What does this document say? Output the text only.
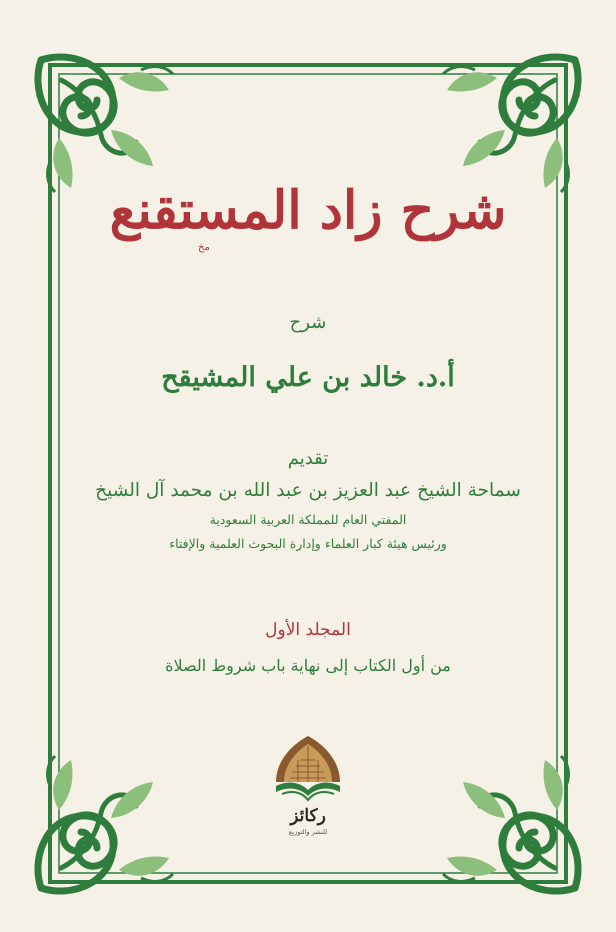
شرح زاد المستقنع
مخ
شرح
أ.د. خالد بن علي المشيقح
تقديم
سماحة الشيخ عبد العزيز بن عبد الله بن محمد آل الشيخ
المفتي العام للمملكة العربية السعودية
ورئيس هيئة كبار العلماء وإدارة البحوث العلمية والإفتاء
المجلد الأول
من أول الكتاب إلى نهاية باب شروط الصلاة
ركائز
للنشر والتوزيع
